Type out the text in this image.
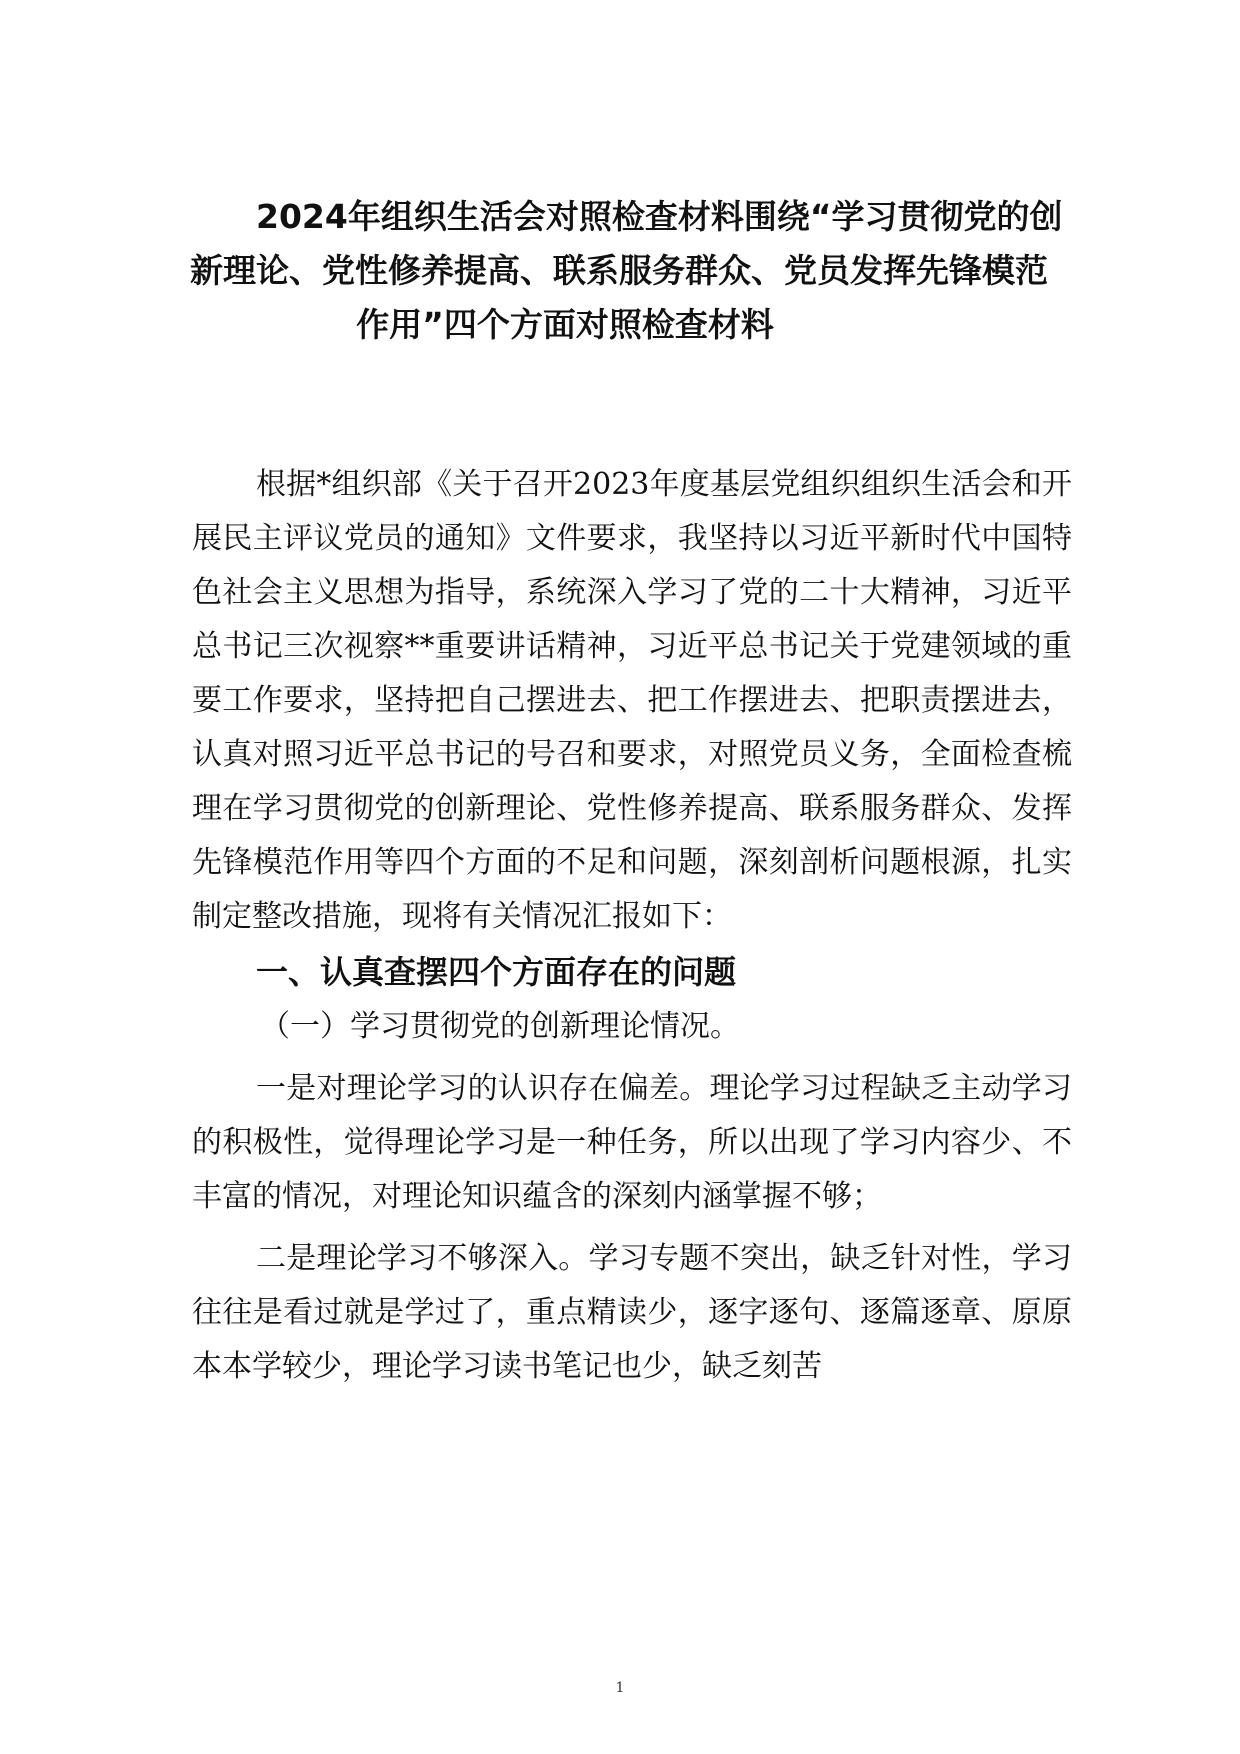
2024年组织生活会对照检查材料围绕“学习贯彻党的创
新理论、党性修养提高、联系服务群众、党员发挥先锋模范
作用”四个方面对照检查材料

根据*组织部《关于召开2023年度基层党组织组织生活会和开展民主评议党员的通知》文件要求，我坚持以习近平新时代中国特色社会主义思想为指导，系统深入学习了党的二十大精神，习近平总书记三次视察**重要讲话精神，习近平总书记关于党建领域的重要工作要求，坚持把自己摆进去、把工作摆进去、把职责摆进去，认真对照习近平总书记的号召和要求，对照党员义务，全面检查梳理在学习贯彻党的创新理论、党性修养提高、联系服务群众、发挥先锋模范作用等四个方面的不足和问题，深刻剖析问题根源，扎实制定整改措施，现将有关情况汇报如下：

一、认真查摆四个方面存在的问题

（一）学习贯彻党的创新理论情况。

一是对理论学习的认识存在偏差。理论学习过程缺乏主动学习的积极性，觉得理论学习是一种任务，所以出现了学习内容少、不丰富的情况，对理论知识蕴含的深刻内涵掌握不够；

二是理论学习不够深入。学习专题不突出，缺乏针对性，学习往往是看过就是学过了，重点精读少，逐字逐句、逐篇逐章、原原本本学较少，理论学习读书笔记也少，缺乏刻苦

1
